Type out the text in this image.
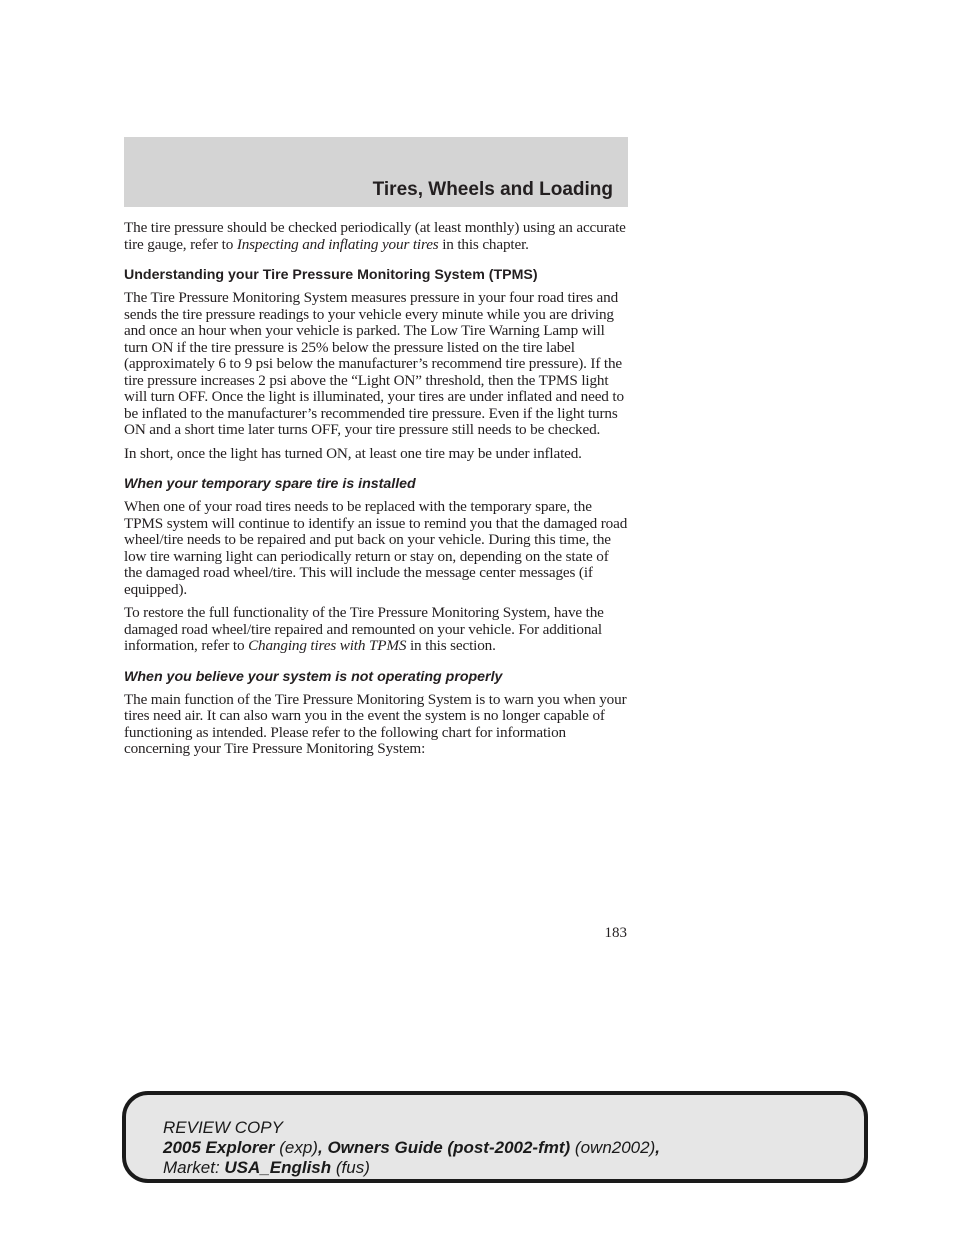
Tires, Wheels and Loading

The tire pressure should be checked periodically (at least monthly) using an accurate tire gauge, refer to Inspecting and inflating your tires in this chapter.

Understanding your Tire Pressure Monitoring System (TPMS)

The Tire Pressure Monitoring System measures pressure in your four road tires and sends the tire pressure readings to your vehicle every minute while you are driving and once an hour when your vehicle is parked. The Low Tire Warning Lamp will turn ON if the tire pressure is 25% below the pressure listed on the tire label (approximately 6 to 9 psi below the manufacturer’s recommend tire pressure). If the tire pressure increases 2 psi above the “Light ON” threshold, then the TPMS light will turn OFF. Once the light is illuminated, your tires are under inflated and need to be inflated to the manufacturer’s recommended tire pressure. Even if the light turns ON and a short time later turns OFF, your tire pressure still needs to be checked.

In short, once the light has turned ON, at least one tire may be under inflated.

When your temporary spare tire is installed

When one of your road tires needs to be replaced with the temporary spare, the TPMS system will continue to identify an issue to remind you that the damaged road wheel/tire needs to be repaired and put back on your vehicle. During this time, the low tire warning light can periodically return or stay on, depending on the state of the damaged road wheel/tire. This will include the message center messages (if equipped).

To restore the full functionality of the Tire Pressure Monitoring System, have the damaged road wheel/tire repaired and remounted on your vehicle. For additional information, refer to Changing tires with TPMS in this section.

When you believe your system is not operating properly

The main function of the Tire Pressure Monitoring System is to warn you when your tires need air. It can also warn you in the event the system is no longer capable of functioning as intended. Please refer to the following chart for information concerning your Tire Pressure Monitoring System:

183
REVIEW COPY
2005 Explorer (exp), Owners Guide (post-2002-fmt) (own2002),
Market: USA_English (fus)
